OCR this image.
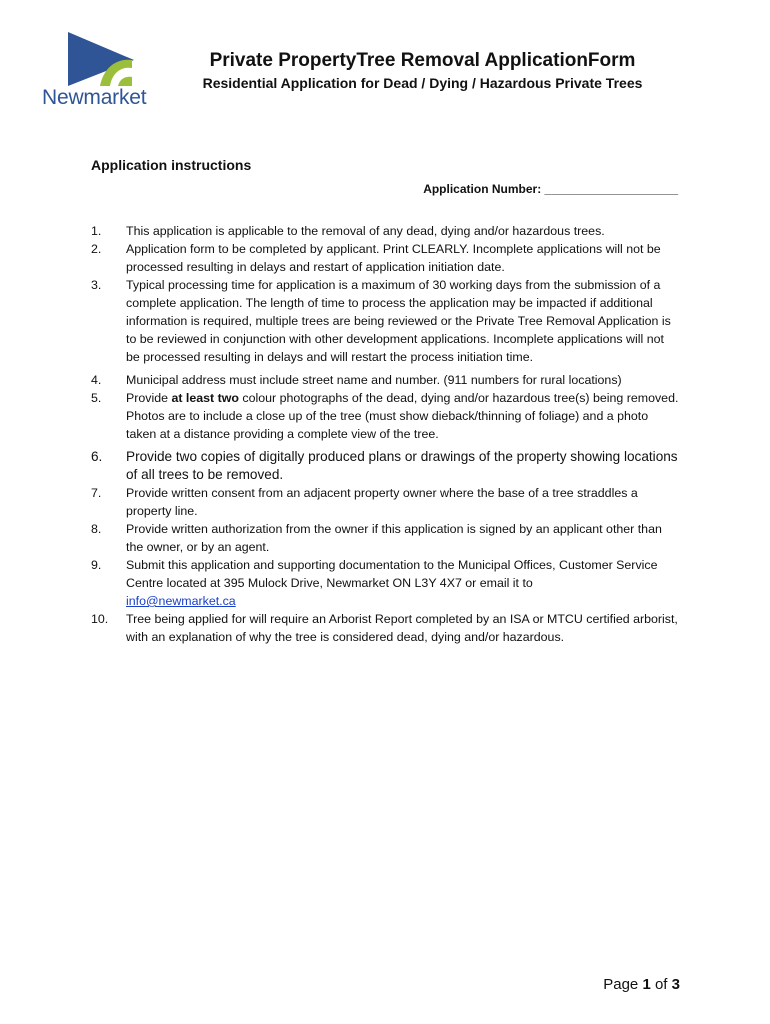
Newmarket
Private PropertyTree Removal ApplicationForm
Residential Application for Dead / Dying / Hazardous Private Trees
Application instructions
Application Number: ____________________
1.	This application is applicable to the removal of any dead, dying and/or hazardous trees.
2.	Application form to be completed by applicant. Print CLEARLY. Incomplete applications will not be processed resulting in delays and restart of application initiation date.
3.	Typical processing time for application is a maximum of 30 working days from the submission of a complete application. The length of time to process the application may be impacted if additional information is required, multiple trees are being reviewed or the Private Tree Removal Application is to be reviewed in conjunction with other development applications. Incomplete applications will not be processed resulting in delays and will restart the process initiation time.
4.	Municipal address must include street name and number. (911 numbers for rural locations)
5.	Provide at least two colour photographs of the dead, dying and/or hazardous tree(s) being removed. Photos are to include a close up of the tree (must show dieback/thinning of foliage) and a photo taken at a distance providing a complete view of the tree.
6.	Provide two copies of digitally produced plans or drawings of the property showing locations of all trees to be removed.
7.	Provide written consent from an adjacent property owner where the base of a tree straddles a property line.
8.	Provide written authorization from the owner if this application is signed by an applicant other than the owner, or by an agent.
9.	Submit this application and supporting documentation to the Municipal Offices, Customer Service Centre located at 395 Mulock Drive, Newmarket ON L3Y 4X7 or email it to
info@newmarket.ca
10.	Tree being applied for will require an Arborist Report completed by an ISA or MTCU certified arborist, with an explanation of why the tree is considered dead, dying and/or hazardous.
Page 1 of 3
